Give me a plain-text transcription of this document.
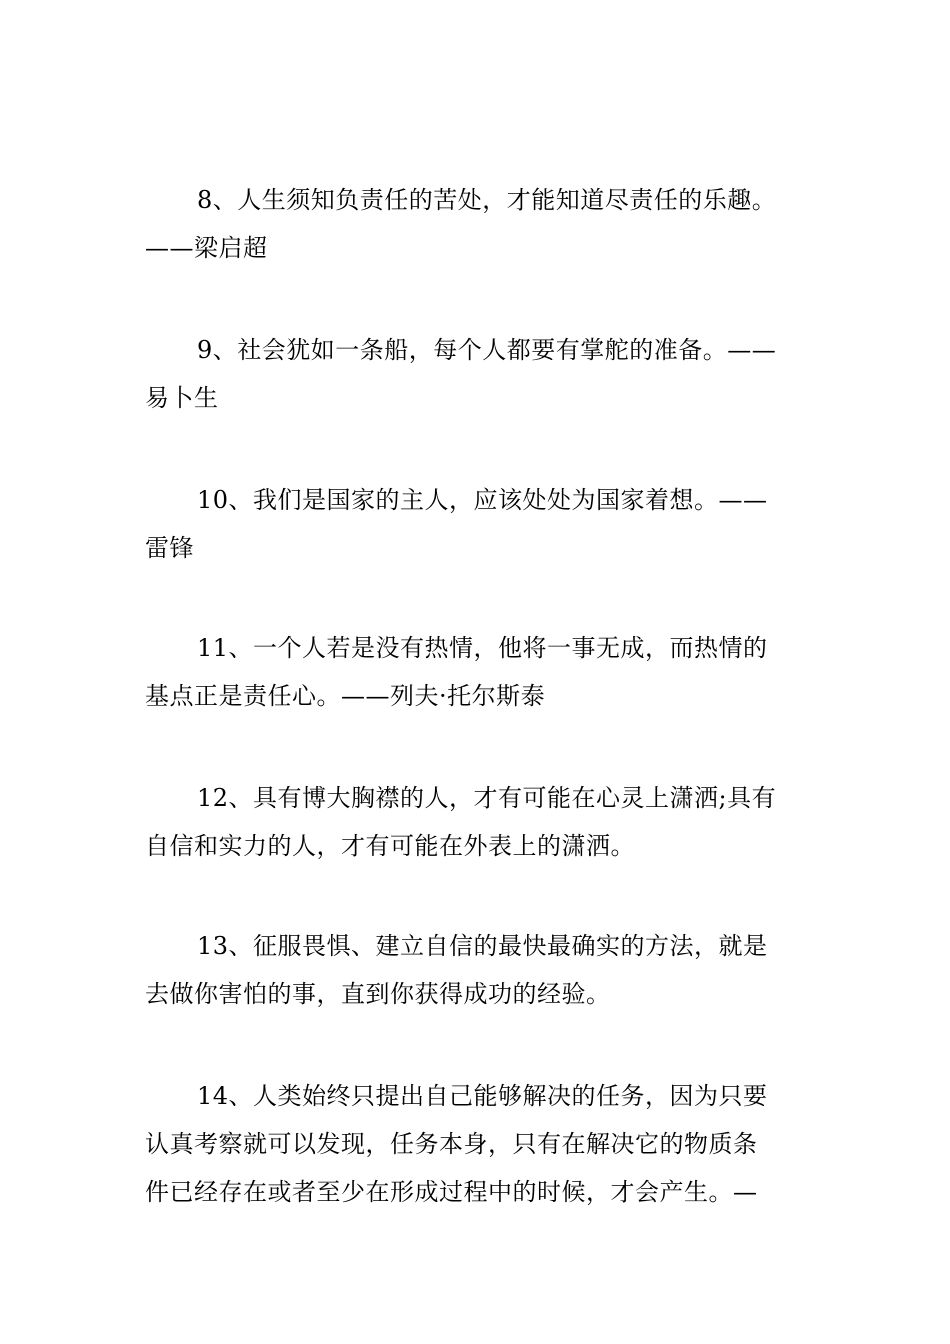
8、人生须知负责任的苦处，才能知道尽责任的乐趣。
——梁启超
9、社会犹如一条船，每个人都要有掌舵的准备。——
易卜生
10、我们是国家的主人，应该处处为国家着想。——
雷锋
11、一个人若是没有热情，他将一事无成，而热情的
基点正是责任心。——列夫·托尔斯泰
12、具有博大胸襟的人，才有可能在心灵上潇洒;具有
自信和实力的人，才有可能在外表上的潇洒。
13、征服畏惧、建立自信的最快最确实的方法，就是
去做你害怕的事，直到你获得成功的经验。
14、人类始终只提出自己能够解决的任务，因为只要
认真考察就可以发现，任务本身，只有在解决它的物质条
件已经存在或者至少在形成过程中的时候，才会产生。—
